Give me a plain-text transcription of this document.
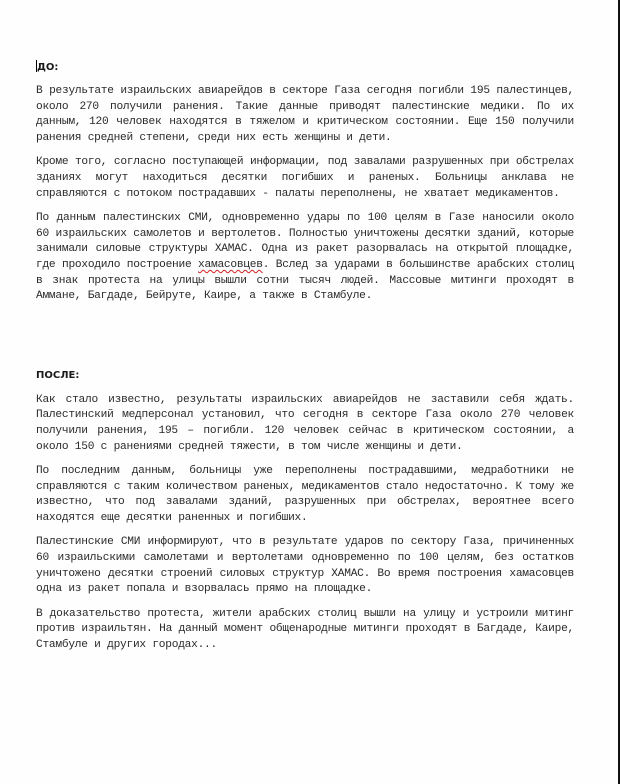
ДО:

В результате израильских авиарейдов в секторе Газа сегодня погибли 195 палестинцев, около 270 получили ранения. Такие данные приводят палестинские медики. По их данным, 120 человек находятся в тяжелом и критическом состоянии. Еще 150 получили ранения средней степени, среди них есть женщины и дети.

Кроме того, согласно поступающей информации, под завалами разрушенных при обстрелах зданиях могут находиться десятки погибших и раненых. Больницы анклава не справляются с потоком пострадавших - палаты переполнены, не хватает медикаментов.

По данным палестинских СМИ, одновременно удары по 100 целям в Газе наносили около 60 израильских самолетов и вертолетов. Полностью уничтожены десятки зданий, которые занимали силовые структуры ХАМАС. Одна из ракет разорвалась на открытой площадке, где проходило построение хамасовцев. Вслед за ударами в большинстве арабских столиц в знак протеста на улицы вышли сотни тысяч людей. Массовые митинги проходят в Аммане, Багдаде, Бейруте, Каире, а также в Стамбуле.

ПОСЛЕ:

Как стало известно, результаты израильских авиарейдов не заставили себя ждать. Палестинский медперсонал установил, что сегодня в секторе Газа около 270 человек получили ранения, 195 – погибли. 120 человек сейчас в критическом состоянии, а около 150 с ранениями средней тяжести, в том числе женщины и дети.

По последним данным, больницы уже переполнены пострадавшими, медработники не справляются с таким количеством раненых, медикаментов стало недостаточно. К тому же известно, что под завалами зданий, разрушенных при обстрелах, вероятнее всего находятся еще десятки раненных и погибших.

Палестинские СМИ информируют, что в результате ударов по сектору Газа, причиненных 60 израильскими самолетами и вертолетами одновременно по 100 целям, без остатков уничтожено десятки строений силовых структур ХАМАС. Во время построения хамасовцев одна из ракет попала и взорвалась прямо на площадке.

В доказательство протеста, жители арабских столиц вышли на улицу и устроили митинг против израильтян. На данный момент общенародные митинги проходят в Багдаде, Каире, Стамбуле и других городах...
